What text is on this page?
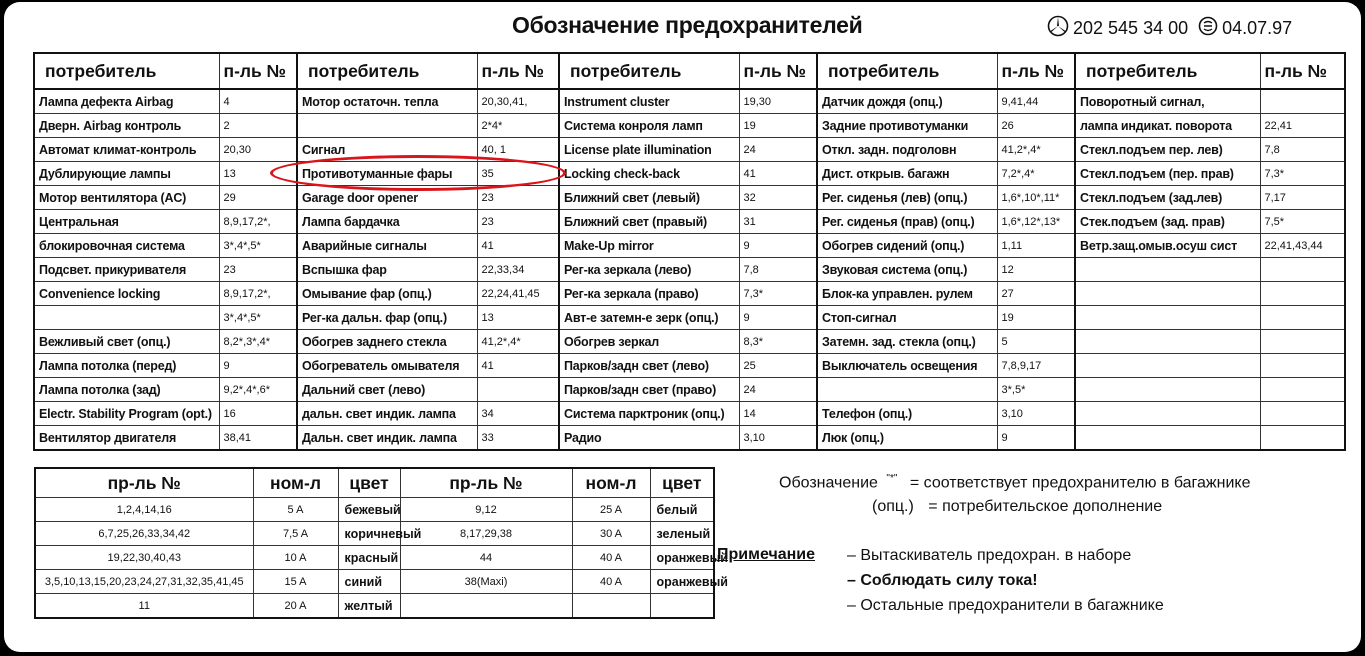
Обозначение предохранителей	202 545 34 00 04.07.97
потребитель	п-ль №	потребитель	п-ль №	потребитель	п-ль №	потребитель	п-ль №	потребитель	п-ль №
Лампа дефекта Airbag	4	Мотор остаточн. тепла	20,30,41,	Instrument cluster	19,30	Датчик дождя (опц.)	9,41,44	Поворотный сигнал,	
Дверн. Airbag контроль	2		2*4*	Система конроля ламп	19	Задние противотуманки	26	лампа индикат. поворота	22,41
Автомат климат-контроль	20,30	Сигнал	40, 1	License plate illumination	24	Откл. задн. подголовн	41,2*,4*	Стекл.подъем пер. лев)	7,8
Дублирующие лампы	13	Противотуманные фары	35	Locking check-back	41	Дист. открыв. багажн	7,2*,4*	Стекл.подъем (пер. прав)	7,3*
Мотор вентилятора (AC)	29	Garage door opener	23	Ближний свет (левый)	32	Рег. сиденья (лев) (опц.)	1,6*,10*,11*	Стекл.подъем (зад.лев)	7,17
Центральная	8,9,17,2*,	Лампа бардачка	23	Ближний свет (правый)	31	Рег. сиденья (прав) (опц.)	1,6*,12*,13*	Стек.подъем (зад. прав)	7,5*
блокировочная система	3*,4*,5*	Аварийные сигналы	41	Make-Up mirror	9	Обогрев сидений (опц.)	1,11	Ветр.защ.омыв.осуш сист	22,41,43,44
Подсвет. прикуривателя	23	Вспышка фар	22,33,34	Рег-ка зеркала (лево)	7,8	Звуковая система (опц.)	12		
Convenience locking	8,9,17,2*,	Омывание фар (опц.)	22,24,41,45	Рег-ка зеркала (право)	7,3*	Блок-ка управлен. рулем	27		
	3*,4*,5*	Рег-ка дальн. фар (опц.)	13	Авт-е затемн-е зерк (опц.)	9	Стоп-сигнал	19		
Вежливый свет (опц.)	8,2*,3*,4*	Обогрев заднего стекла	41,2*,4*	Обогрев зеркал	8,3*	Затемн. зад. стекла (опц.)	5		
Лампа потолка (перед)	9	Обогреватель омывателя	41	Парков/задн свет (лево)	25	Выключатель освещения	7,8,9,17		
Лампа потолка (зад)	9,2*,4*,6*	Дальний свет (лево)		Парков/задн свет (право)	24		3*,5*		
Electr. Stability Program (opt.)	16	дальн. свет индик. лампа	34	Система парктроник (опц.)	14	Телефон (опц.)	3,10		
Вентилятор двигателя	38,41	Дальн. свет индик. лампа	33	Радио	3,10	Люк (опц.)	9		
пр-ль №	ном-л	цвет	пр-ль №	ном-л	цвет
1,2,4,14,16	5 A	бежевый	9,12	25 A	белый
6,7,25,26,33,34,42	7,5 A	коричневый	8,17,29,38	30 A	зеленый
19,22,30,40,43	10 A	красный	44	40 A	оранжевый
3,5,10,13,15,20,23,24,27,31,32,35,41,45	15 A	синий	38(Maxi)	40 A	оранжевый
11	20 A	желтый			
Обозначение "*" = соответствует предохранителю в багажнике
(опц.) = потребительское дополнение
Примечание – Вытаскиватель предохран. в наборе
– Соблюдать силу тока!
– Остальные предохранители в багажнике
